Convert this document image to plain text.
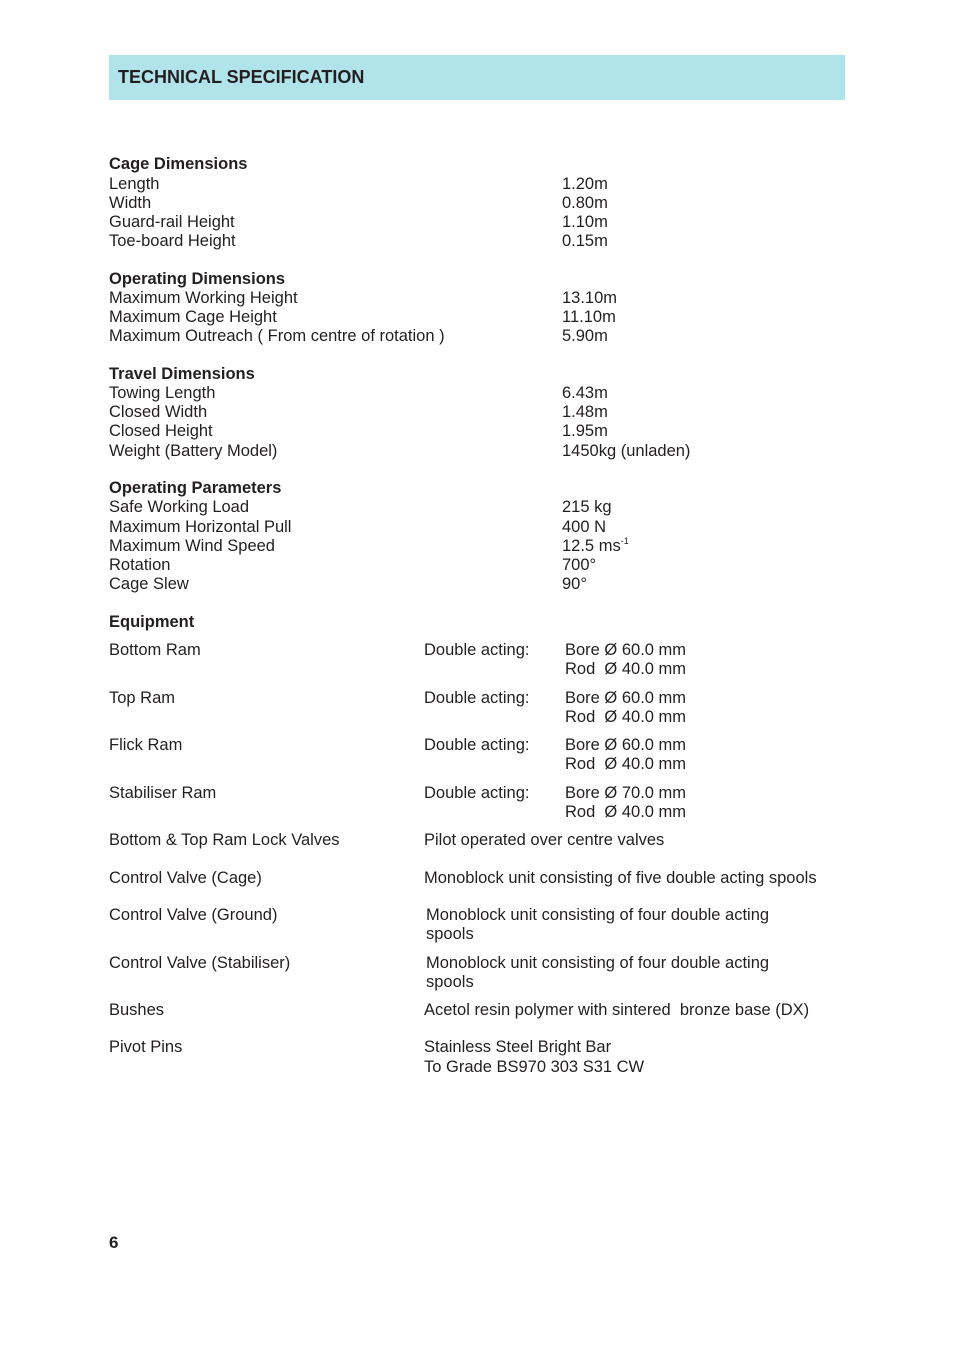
TECHNICAL SPECIFICATION
Cage Dimensions
Length	1.20m
Width	0.80m
Guard-rail Height	1.10m
Toe-board Height	0.15m
Operating Dimensions
Maximum Working Height	13.10m
Maximum Cage Height	11.10m
Maximum Outreach ( From centre of rotation )	5.90m
Travel Dimensions
Towing Length	6.43m
Closed Width	1.48m
Closed Height	1.95m
Weight (Battery Model)	1450kg (unladen)
Operating Parameters
Safe Working Load	215 kg
Maximum Horizontal Pull	400 N
Maximum Wind Speed	12.5 $ms^{-1}$
Rotation	700°
Cage Slew	90°
Equipment
Bottom Ram	Double acting: Bore Ø 60.0 mm
Rod  Ø 40.0 mm
Top Ram	Double acting: Bore Ø 60.0 mm
Rod  Ø 40.0 mm
Flick Ram	Double acting: Bore Ø 60.0 mm
Rod  Ø 40.0 mm
Stabiliser Ram	Double acting: Bore Ø 70.0 mm
Rod  Ø 40.0 mm
Bottom & Top Ram Lock Valves	Pilot operated over centre valves
Control Valve (Cage)	Monoblock unit consisting of five double acting spools
Control Valve (Ground)	Monoblock unit consisting of four double acting
spools
Control Valve (Stabiliser)	Monoblock unit consisting of four double acting
spools
Bushes	Acetol resin polymer with sintered  bronze base (DX)
Pivot Pins	Stainless Steel Bright Bar
To Grade BS970 303 S31 CW
6
